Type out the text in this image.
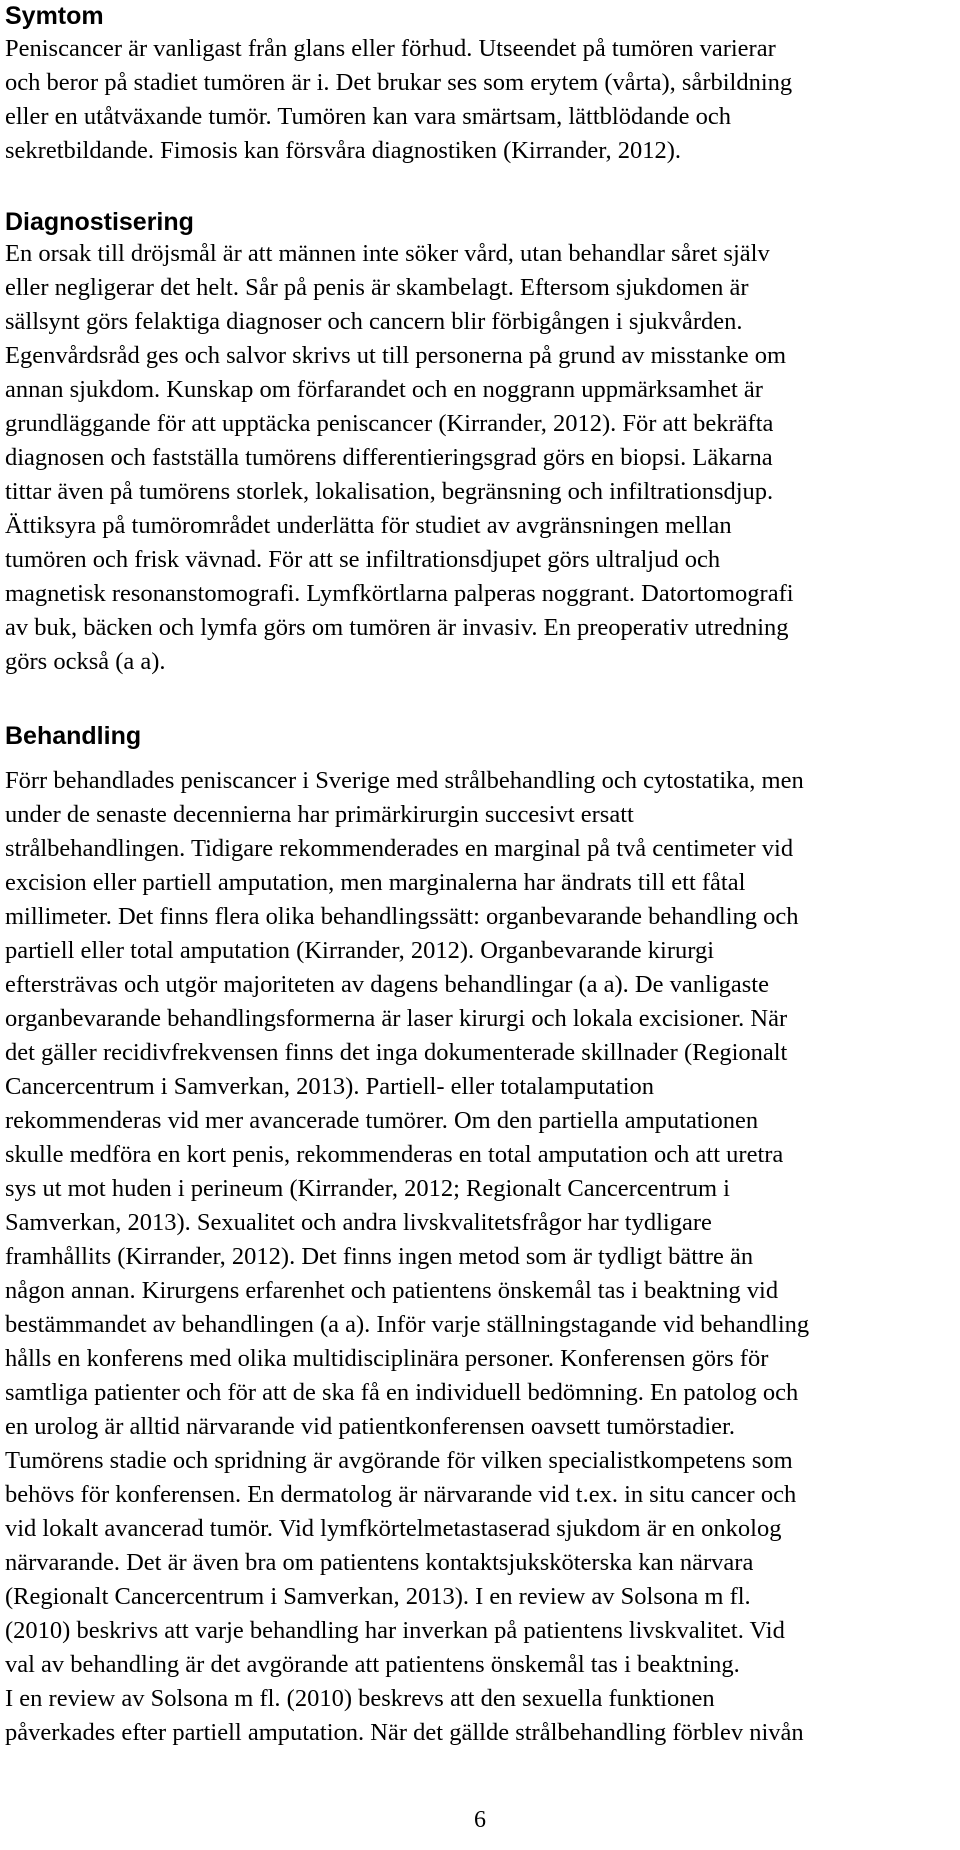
Symtom

Peniscancer är vanligast från glans eller förhud. Utseendet på tumören varierar
och beror på stadiet tumören är i. Det brukar ses som erytem (vårta), sårbildning
eller en utåtväxande tumör. Tumören kan vara smärtsam, lättblödande och
sekretbildande. Fimosis kan försvåra diagnostiken (Kirrander, 2012).

Diagnostisering

En orsak till dröjsmål är att männen inte söker vård, utan behandlar såret själv
eller negligerar det helt. Sår på penis är skambelagt. Eftersom sjukdomen är
sällsynt görs felaktiga diagnoser och cancern blir förbigången i sjukvården.
Egenvårdsråd ges och salvor skrivs ut till personerna på grund av misstanke om
annan sjukdom. Kunskap om förfarandet och en noggrann uppmärksamhet är
grundläggande för att upptäcka peniscancer (Kirrander, 2012). För att bekräfta
diagnosen och fastställa tumörens differentieringsgrad görs en biopsi. Läkarna
tittar även på tumörens storlek, lokalisation, begränsning och infiltrationsdjup.
Ättiksyra på tumörområdet underlätta för studiet av avgränsningen mellan
tumören och frisk vävnad. För att se infiltrationsdjupet görs ultraljud och
magnetisk resonanstomografi. Lymfkörtlarna palperas noggrant. Datortomografi
av buk, bäcken och lymfa görs om tumören är invasiv. En preoperativ utredning
görs också (a a).

Behandling

Förr behandlades peniscancer i Sverige med strålbehandling och cytostatika, men
under de senaste decennierna har primärkirurgin succesivt ersatt
strålbehandlingen. Tidigare rekommenderades en marginal på två centimeter vid
excision eller partiell amputation, men marginalerna har ändrats till ett fåtal
millimeter. Det finns flera olika behandlingssätt: organbevarande behandling och
partiell eller total amputation (Kirrander, 2012). Organbevarande kirurgi
eftersträvas och utgör majoriteten av dagens behandlingar (a a). De vanligaste
organbevarande behandlingsformerna är laser kirurgi och lokala excisioner. När
det gäller recidivfrekvensen finns det inga dokumenterade skillnader (Regionalt
Cancercentrum i Samverkan, 2013). Partiell- eller totalamputation
rekommenderas vid mer avancerade tumörer. Om den partiella amputationen
skulle medföra en kort penis, rekommenderas en total amputation och att uretra
sys ut mot huden i perineum (Kirrander, 2012; Regionalt Cancercentrum i
Samverkan, 2013). Sexualitet och andra livskvalitetsfrågor har tydligare
framhållits (Kirrander, 2012). Det finns ingen metod som är tydligt bättre än
någon annan. Kirurgens erfarenhet och patientens önskemål tas i beaktning vid
bestämmandet av behandlingen (a a). Inför varje ställningstagande vid behandling
hålls en konferens med olika multidisciplinära personer. Konferensen görs för
samtliga patienter och för att de ska få en individuell bedömning. En patolog och
en urolog är alltid närvarande vid patientkonferensen oavsett tumörstadier.
Tumörens stadie och spridning är avgörande för vilken specialistkompetens som
behövs för konferensen. En dermatolog är närvarande vid t.ex. in situ cancer och
vid lokalt avancerad tumör. Vid lymfkörtelmetastaserad sjukdom är en onkolog
närvarande. Det är även bra om patientens kontaktsjuksköterska kan närvara
(Regionalt Cancercentrum i Samverkan, 2013). I en review av Solsona m fl.
(2010) beskrivs att varje behandling har inverkan på patientens livskvalitet. Vid
val av behandling är det avgörande att patientens önskemål tas i beaktning.
I en review av Solsona m fl. (2010) beskrevs att den sexuella funktionen
påverkades efter partiell amputation. När det gällde strålbehandling förblev nivån

6
